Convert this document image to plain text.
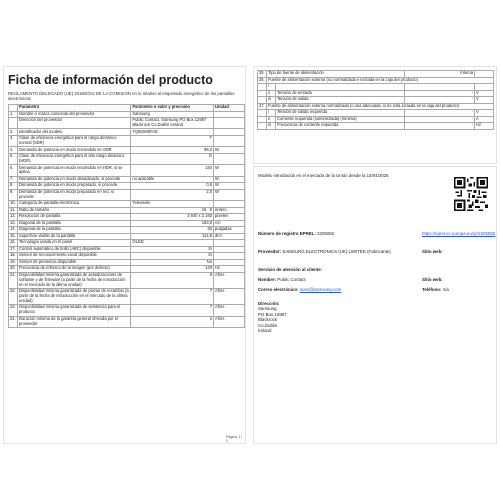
Ficha de información del producto
REGLAMENTO DELEGADO (UE) 2019/2013 DE LA COMISIÓN en lo relativo al etiquetado energético de las pantallas electrónicas
	Parámetro	Parámetro o valor y precisión	Unidad
1.	Nombre o marca comercial del proveedor	Samsung	
	Dirección del proveedor	Public Contact, Samsung PO Box 12987 Blackrock Co.Dublin Ireland	
2.	Identificador del modelo	TQ65S85FAE	
3.	Clase de eficiencia energética para el rango dinámico normal (SDR)	F	
4.	Demanda de potencia en modo encendido en SDR	96,0	W
5.	Clase de eficiencia energética para el alto rango dinámico (HDR)	G	
6.	Demanda de potencia en modo encendido en HDR, si se aplica	184	W
7.	Demanda de potencia en modo desactivado, si procede	no aplicable	W
8.	Demanda de potencia en modo preparado, si procede	0,5	W
9.	Demanda de potencia en modo preparado en red, si procede	2,0	W
10.	Categoría de pantalla electrónica	Televisión	
11.	Ratio de tamaño	16 : 9	entero
12.	Resolución de pantalla	3 840 x 2 160	píxeles
13.	Diagonal de la pantalla	163,0	cm
14.	Diagonal de la pantalla	65	pulgadas
15.	Superficie visible de la pantalla	114,8	dm²
16.	Tecnología usada en el panel	OLED	
17.	Control automático de brillo (ABC) disponible	Sí	
18.	Sensor de reconocimiento vocal disponible	Sí	
19.	Sensor de presencia disponible	No	
20.	Frecuencia de refresco de la imagen (por defecto)	120	Hz
21.	Disponibilidad mínima garantizada de actualizaciones de software y de firmware (a partir de la fecha de introducción en el mercado de la última unidad)	8	Años
22.	Disponibilidad mínima garantizada de piezas de recambio (a partir de la fecha de introducción en el mercado de la última unidad)	7	Años
23.	Disponibilidad mínima garantizada de asistencia para el producto	7	Años
24.	Duración mínima de la garantía general ofrecida por el proveedor	2	Años
Página 1 / 2
25.	Tipo de fuente de alimentación		Interna	
26.	Fuente de alimentación externa (no normalizada e incluida en la caja del producto)			
	i			
	ii	Tensión de entrada	-	V
	iii	Tensión de salida	-	V
27.	Fuente de alimentación externa normalizada (o una adecuada, si no está incluida en la caja del producto)			
	i	Tensión de salida requerida	-	V
	ii	Corriente requerida (suministrada) (mínima)	-	A
	iii	Frecuencia de corriente requerida	-	Hz
Modelo introducido en el mercado de la Unión desde la 14/04/2025
Número de registro EPREL: 2205082	https://eprel.ec.europa.eu/qr/2205082
Proveedor: SAMSUNG ELECTRONICS (UK) LIMITED (Fabricante)	Sitio web:
Servicio de atención al cliente:
Nombre: Public Contact	Sitio web:
Correo electrónico: eprel@samsung.com	Teléfono: n/a
Dirección:
Samsung
PO Box 12987
Blackrock
Co.Dublin
Ireland
